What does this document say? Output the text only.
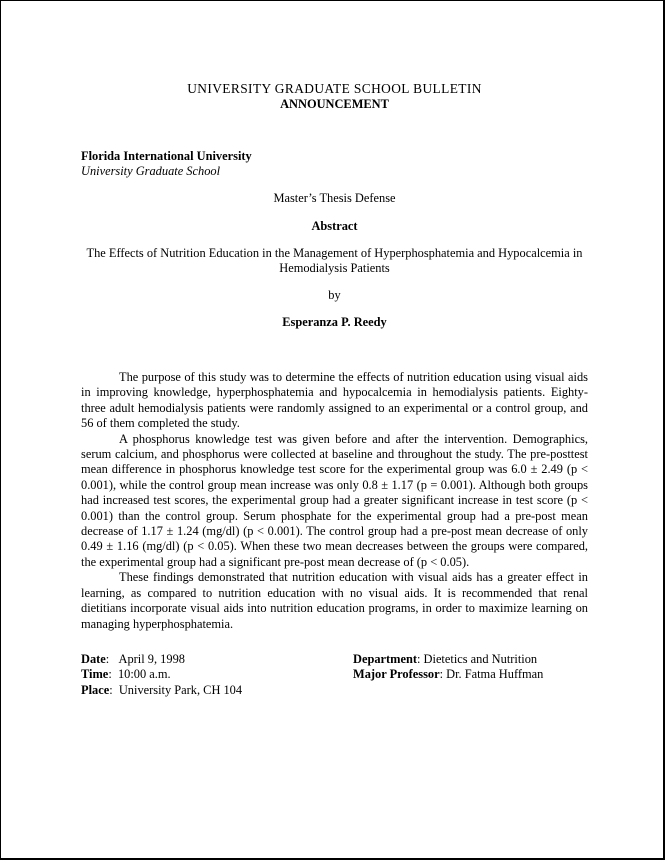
UNIVERSITY GRADUATE SCHOOL BULLETIN
ANNOUNCEMENT
Florida International University
University Graduate School
Master’s Thesis Defense
Abstract
The Effects of Nutrition Education in the Management of Hyperphosphatemia and Hypocalcemia in Hemodialysis Patients
by
Esperanza P. Reedy

The purpose of this study was to determine the effects of nutrition education using visual aids in improving knowledge, hyperphosphatemia and hypocalcemia in hemodialysis patients. Eighty-three adult hemodialysis patients were randomly assigned to an experimental or a control group, and 56 of them completed the study.

A phosphorus knowledge test was given before and after the intervention. Demographics, serum calcium, and phosphorus were collected at baseline and throughout the study. The pre-posttest mean difference in phosphorus knowledge test score for the experimental group was 6.0 ± 2.49 (p < 0.001), while the control group mean increase was only 0.8 ± 1.17 (p = 0.001). Although both groups had increased test scores, the experimental group had a greater significant increase in test score (p < 0.001) than the control group. Serum phosphate for the experimental group had a pre-post mean decrease of 1.17 ± 1.24 (mg/dl) (p < 0.001). The control group had a pre-post mean decrease of only 0.49 ± 1.16 (mg/dl) (p < 0.05). When these two mean decreases between the groups were compared, the experimental group had a significant pre-post mean decrease of (p < 0.05).

These findings demonstrated that nutrition education with visual aids has a greater effect in learning, as compared to nutrition education with no visual aids. It is recommended that renal dietitians incorporate visual aids into nutrition education programs, in order to maximize learning on managing hyperphosphatemia.

Date:   April 9, 1998
Time:  10:00 a.m.
Place:  University Park, CH 104
Department: Dietetics and Nutrition
Major Professor: Dr. Fatma Huffman
